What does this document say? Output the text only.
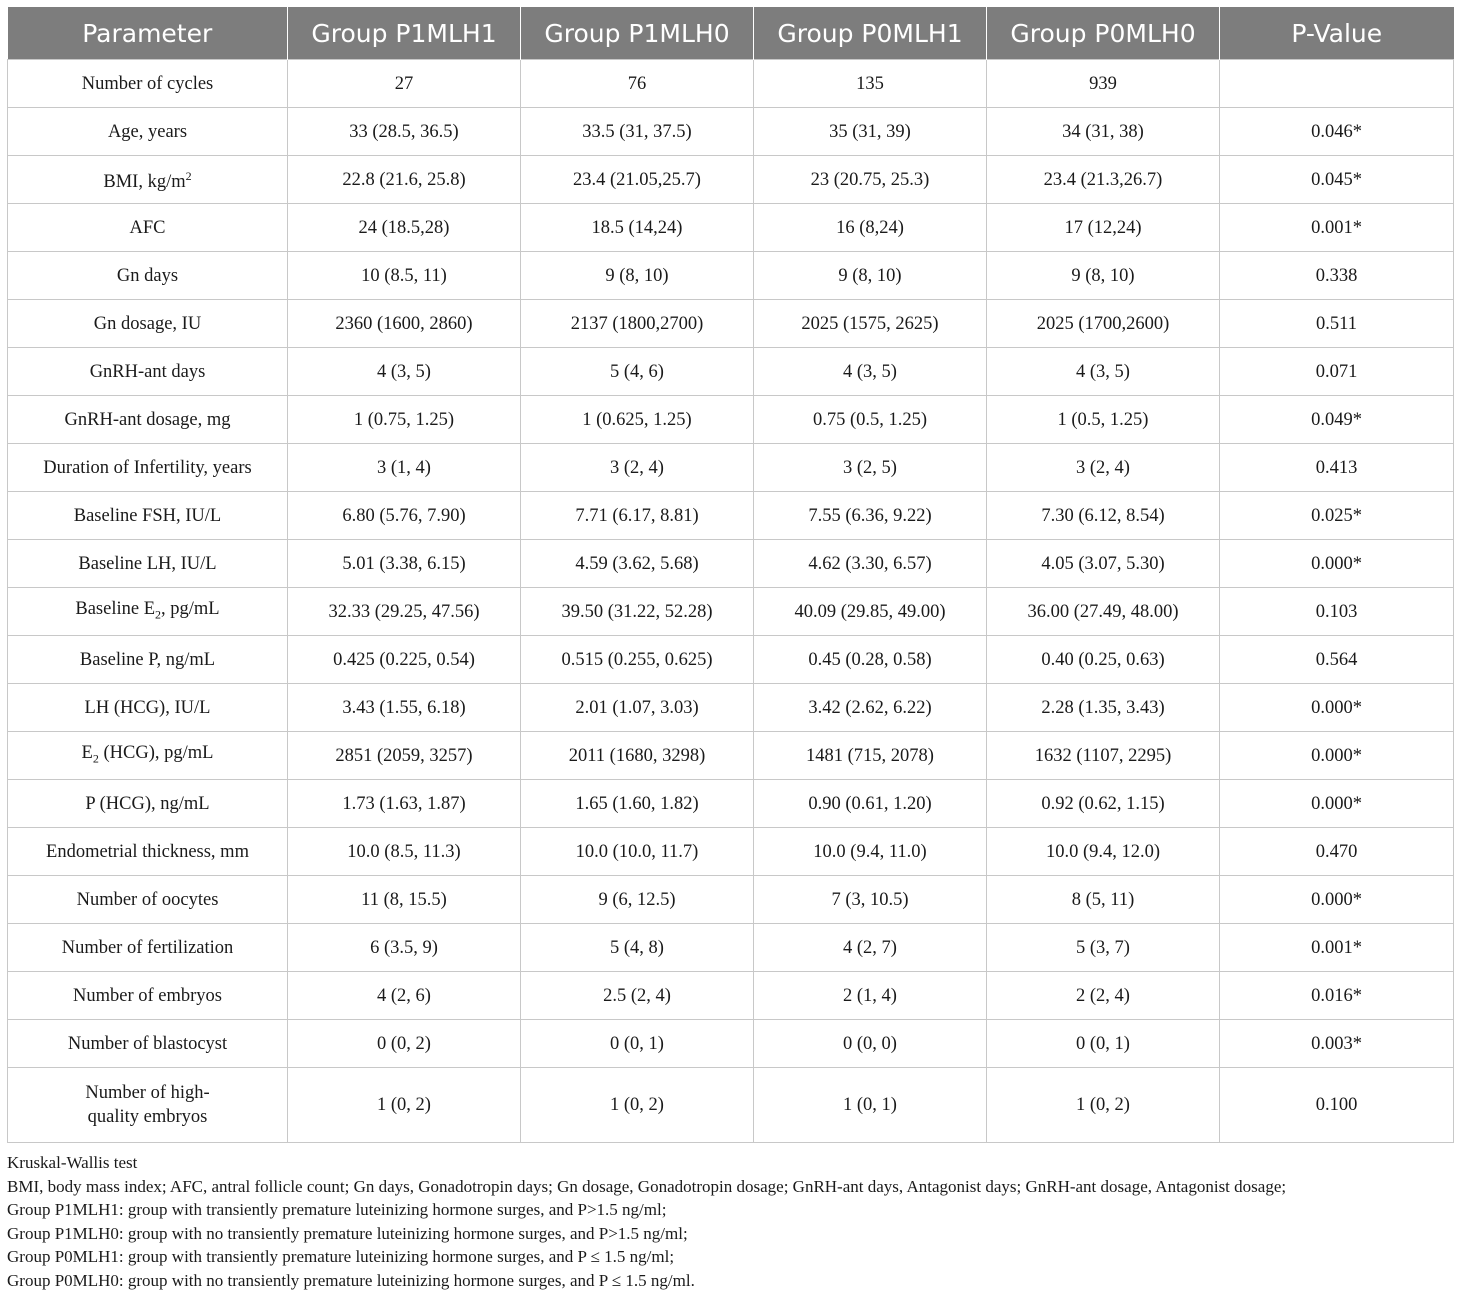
Parameter	Group P1MLH1	Group P1MLH0	Group P0MLH1	Group P0MLH0	P-Value
Number of cycles	27	76	135	939	
Age, years	33 (28.5, 36.5)	33.5 (31, 37.5)	35 (31, 39)	34 (31, 38)	0.046*
BMI, $kg/m^2$	22.8 (21.6, 25.8)	23.4 (21.05,25.7)	23 (20.75, 25.3)	23.4 (21.3,26.7)	0.045*
AFC	24 (18.5,28)	18.5 (14,24)	16 (8,24)	17 (12,24)	0.001*
Gn days	10 (8.5, 11)	9 (8, 10)	9 (8, 10)	9 (8, 10)	0.338
Gn dosage, IU	2360 (1600, 2860)	2137 (1800,2700)	2025 (1575, 2625)	2025 (1700,2600)	0.511
GnRH-ant days	4 (3, 5)	5 (4, 6)	4 (3, 5)	4 (3, 5)	0.071
GnRH-ant dosage, mg	1 (0.75, 1.25)	1 (0.625, 1.25)	0.75 (0.5, 1.25)	1 (0.5, 1.25)	0.049*
Duration of Infertility, years	3 (1, 4)	3 (2, 4)	3 (2, 5)	3 (2, 4)	0.413
Baseline FSH, IU/L	6.80 (5.76, 7.90)	7.71 (6.17, 8.81)	7.55 (6.36, 9.22)	7.30 (6.12, 8.54)	0.025*
Baseline LH, IU/L	5.01 (3.38, 6.15)	4.59 (3.62, 5.68)	4.62 (3.30, 6.57)	4.05 (3.07, 5.30)	0.000*
Baseline $E_2$, pg/mL	32.33 (29.25, 47.56)	39.50 (31.22, 52.28)	40.09 (29.85, 49.00)	36.00 (27.49, 48.00)	0.103
Baseline P, ng/mL	0.425 (0.225, 0.54)	0.515 (0.255, 0.625)	0.45 (0.28, 0.58)	0.40 (0.25, 0.63)	0.564
LH (HCG), IU/L	3.43 (1.55, 6.18)	2.01 (1.07, 3.03)	3.42 (2.62, 6.22)	2.28 (1.35, 3.43)	0.000*
$E_2$ (HCG), pg/mL	2851 (2059, 3257)	2011 (1680, 3298)	1481 (715, 2078)	1632 (1107, 2295)	0.000*
P (HCG), ng/mL	1.73 (1.63, 1.87)	1.65 (1.60, 1.82)	0.90 (0.61, 1.20)	0.92 (0.62, 1.15)	0.000*
Endometrial thickness, mm	10.0 (8.5, 11.3)	10.0 (10.0, 11.7)	10.0 (9.4, 11.0)	10.0 (9.4, 12.0)	0.470
Number of oocytes	11 (8, 15.5)	9 (6, 12.5)	7 (3, 10.5)	8 (5, 11)	0.000*
Number of fertilization	6 (3.5, 9)	5 (4, 8)	4 (2, 7)	5 (3, 7)	0.001*
Number of embryos	4 (2, 6)	2.5 (2, 4)	2 (1, 4)	2 (2, 4)	0.016*
Number of blastocyst	0 (0, 2)	0 (0, 1)	0 (0, 0)	0 (0, 1)	0.003*
Number of high-quality embryos	1 (0, 2)	1 (0, 2)	1 (0, 1)	1 (0, 2)	0.100
Kruskal-Wallis test
BMI, body mass index; AFC, antral follicle count; Gn days, Gonadotropin days; Gn dosage, Gonadotropin dosage; GnRH-ant days, Antagonist days; GnRH-ant dosage, Antagonist dosage;
Group P1MLH1: group with transiently premature luteinizing hormone surges, and P>1.5 ng/ml;
Group P1MLH0: group with no transiently premature luteinizing hormone surges, and P>1.5 ng/ml;
Group P0MLH1: group with transiently premature luteinizing hormone surges, and P ≤ 1.5 ng/ml;
Group P0MLH0: group with no transiently premature luteinizing hormone surges, and P ≤ 1.5 ng/ml.
